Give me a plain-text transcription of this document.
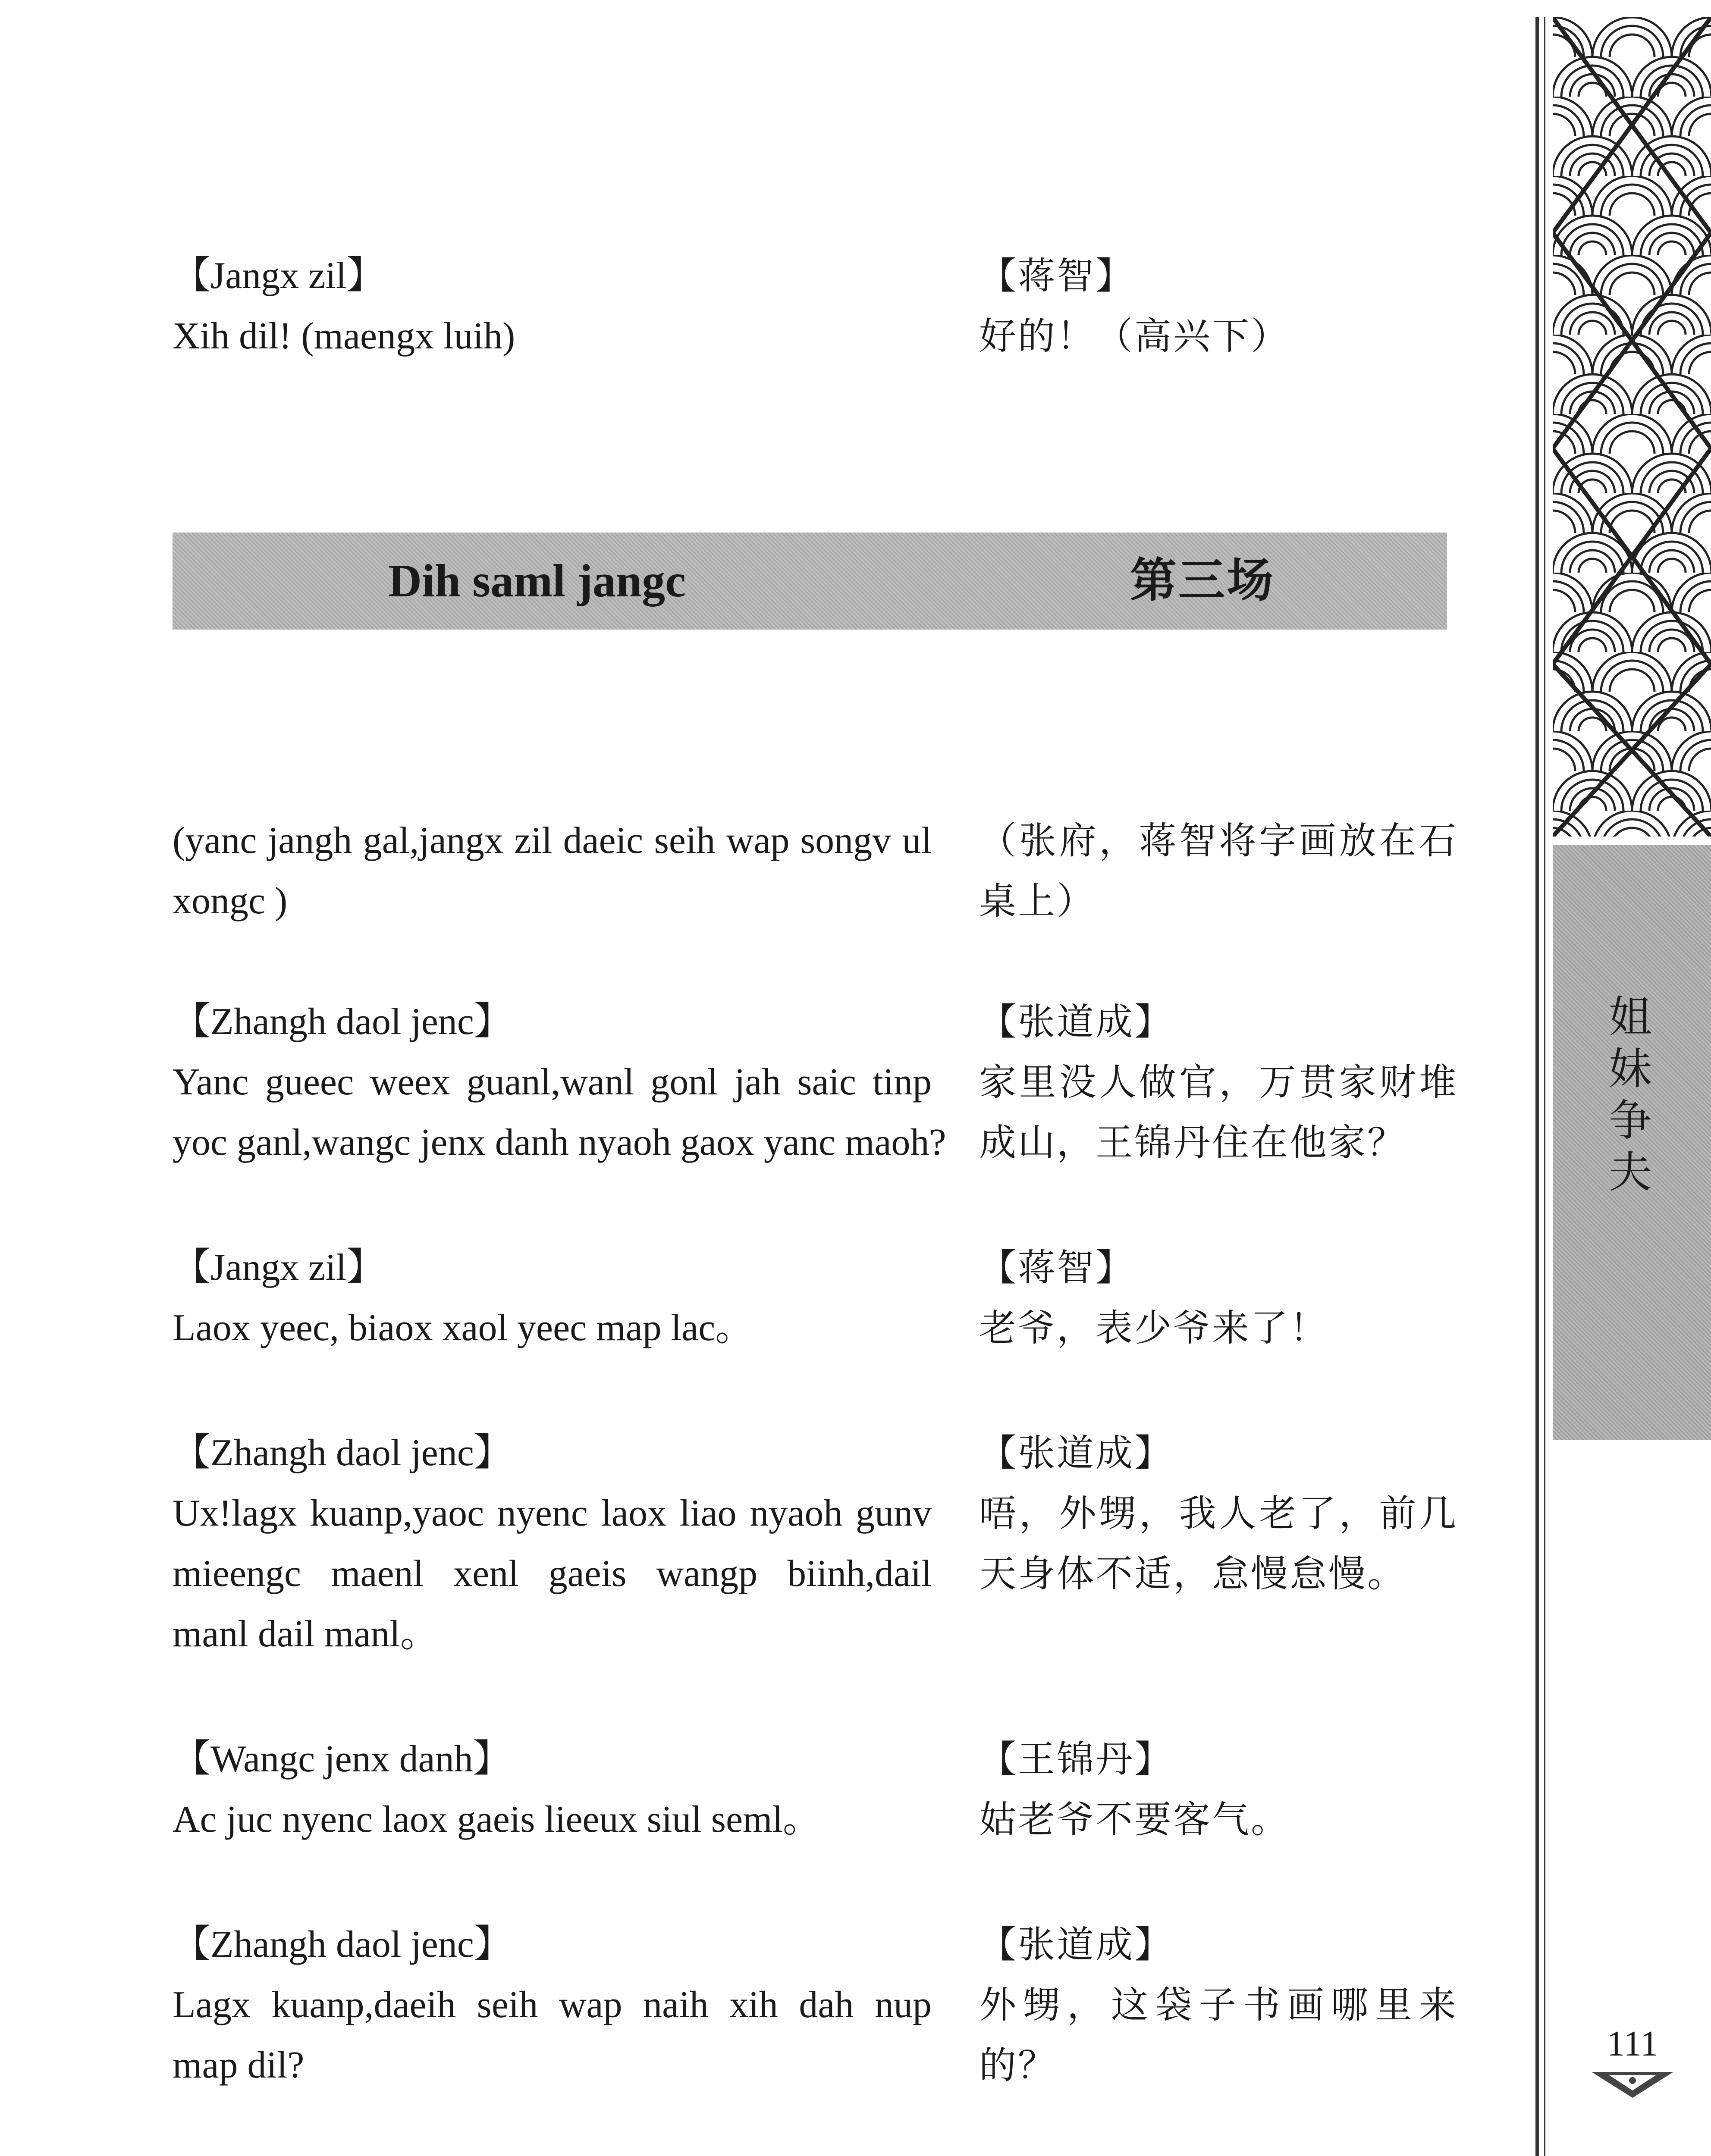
【Jangx zil】
Xih dil! (maengx luih)
【蒋智】
好的！（高兴下）
Dih saml jangc	第三场
(yanc jangh gal,jangx zil daeic seih wap songv ul
xongc )
（张府，蒋智将字画放在石
桌上）
【Zhangh daol jenc】
Yanc gueec weex guanl,wanl gonl jah saic tinp
yoc ganl,wangc jenx danh nyaoh gaox yanc maoh?
【张道成】
家里没人做官，万贯家财堆
成山，王锦丹住在他家？
【Jangx zil】
Laox yeec, biaox xaol yeec map lac。
【蒋智】
老爷，表少爷来了！
【Zhangh daol jenc】
Ux!lagx kuanp,yaoc nyenc laox liao nyaoh gunv
mieengc maenl xenl gaeis wangp biinh,dail
manl dail manl。
【张道成】
唔，外甥，我人老了，前几
天身体不适，怠慢怠慢。
【Wangc jenx danh】
Ac juc nyenc laox gaeis lieeux siul seml。
【王锦丹】
姑老爷不要客气。
【Zhangh daol jenc】
Lagx kuanp,daeih seih wap naih xih dah nup
map dil?
【张道成】
外甥，这袋子书画哪里来
的？
姐妹争夫
111
